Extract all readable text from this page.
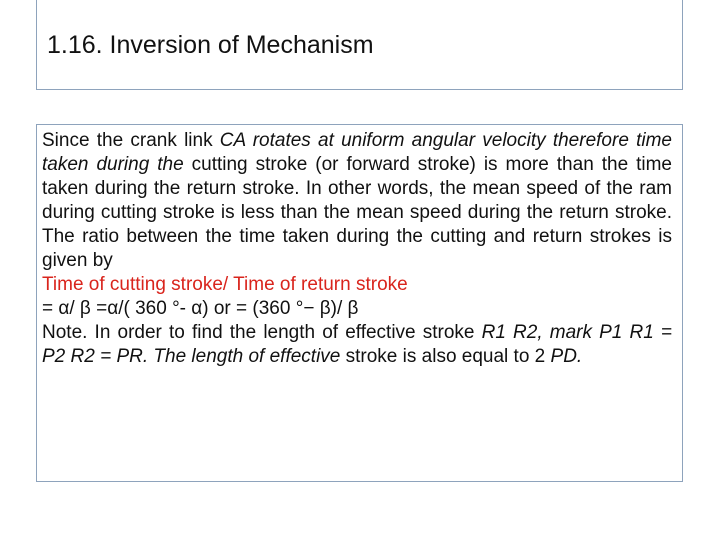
1.16. Inversion of Mechanism
Since the crank link CA rotates at uniform angular velocity therefore time taken during the cutting stroke (or forward stroke) is more than the time taken during the return stroke. In other words, the mean speed of the ram during cutting stroke is less than the mean speed during the return stroke. The ratio between the time taken during the cutting and return strokes is given by
Time of cutting stroke/ Time of return stroke
= α/ β =α/( 360 °- α) or = (360 °− β)/ β
Note. In order to find the length of effective stroke R1 R2, mark P1 R1 = P2 R2 = PR. The length of effective stroke is also equal to 2 PD.
